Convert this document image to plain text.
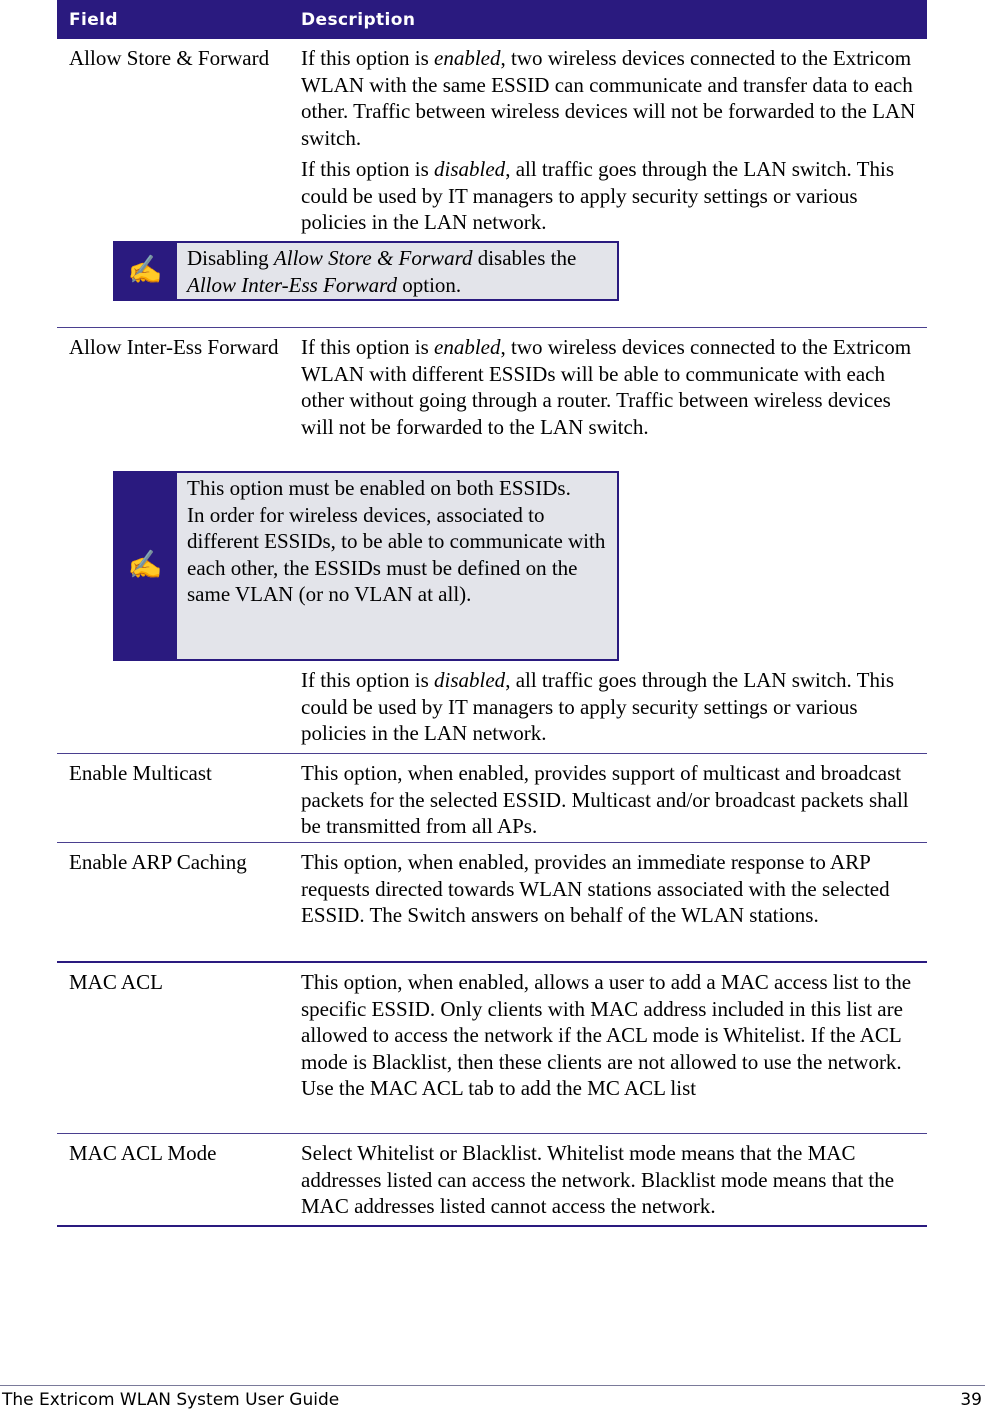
Field	Description
Allow Store & Forward	If this option is enabled, two wireless devices connected to the Extricom WLAN with the same ESSID can communicate and transfer data to each other. Traffic between wireless devices will not be forwarded to the LAN switch.

If this option is disabled, all traffic goes through the LAN switch. This could be used by IT managers to apply security settings or various policies in the LAN network.

✍	Disabling Allow Store & Forward disables the Allow Inter-Ess Forward option.
Allow Inter-Ess Forward	If this option is enabled, two wireless devices connected to the Extricom WLAN with different ESSIDs will be able to communicate with each other without going through a router. Traffic between wireless devices will not be forwarded to the LAN switch.

✍
This option must be enabled on both ESSIDs.
In order for wireless devices, associated to different ESSIDs, to be able to communicate with each other, the ESSIDs must be defined on the same VLAN (or no VLAN at all).

If this option is disabled, all traffic goes through the LAN switch. This could be used by IT managers to apply security settings or various policies in the LAN network.

Enable Multicast	This option, when enabled, provides support of multicast and broadcast packets for the selected ESSID. Multicast and/or broadcast packets shall be transmitted from all APs.
Enable ARP Caching	This option, when enabled, provides an immediate response to ARP requests directed towards WLAN stations associated with the selected ESSID. The Switch answers on behalf of the WLAN stations.
MAC ACL	This option, when enabled, allows a user to add a MAC access list to the specific ESSID. Only clients with MAC address included in this list are allowed to access the network if the ACL mode is Whitelist. If the ACL mode is Blacklist, then these clients are not allowed to use the network. Use the MAC ACL tab to add the MC ACL list
MAC ACL Mode	Select Whitelist or Blacklist. Whitelist mode means that the MAC addresses listed can access the network. Blacklist mode means that the MAC addresses listed cannot access the network.
The Extricom WLAN System User Guide	39
